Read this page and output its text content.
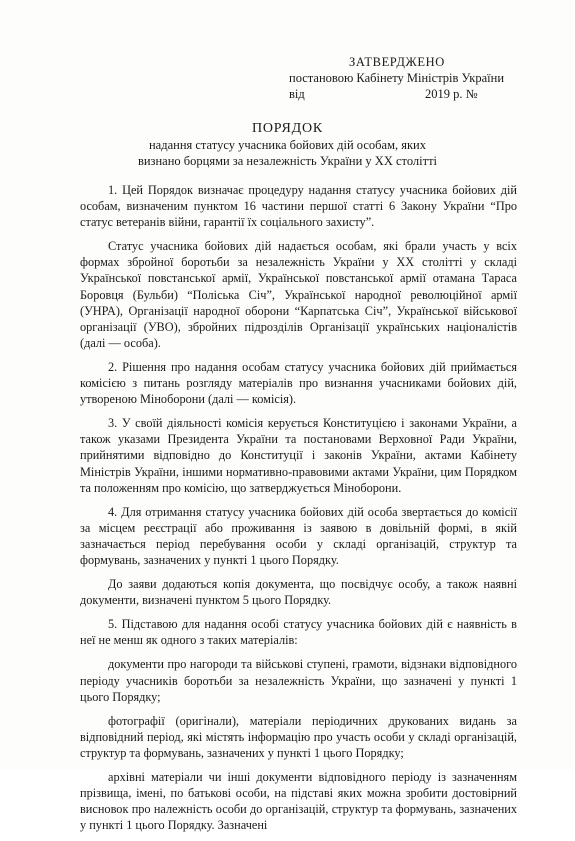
ЗАТВЕРДЖЕНО
постановою Кабінету Міністрів України
від	2019 р. №
ПОРЯДОК
надання статусу учасника бойових дій особам, яких
визнано борцями за незалежність України у ХХ столітті

1. Цей Порядок визначає процедуру надання статусу учасника бойових дій особам, визначеним пунктом 16 частини першої статті 6 Закону України “Про статус ветеранів війни, гарантії їх соціального захисту”.

Статус учасника бойових дій надається особам, які брали участь у всіх формах збройної боротьби за незалежність України у ХХ столітті у складі Української повстанської армії, Української повстанської армії отамана Тараса Боровця (Бульби) “Поліська Січ”, Української народної революційної армії (УНРА), Організації народної оборони “Карпатська Січ”, Української військової організації (УВО), збройних підрозділів Організації українських націоналістів (далі — особа).

2. Рішення про надання особам статусу учасника бойових дій приймається комісією з питань розгляду матеріалів про визнання учасниками бойових дій, утвореною Міноборони (далі — комісія).

3. У своїй діяльності комісія керується Конституцією і законами України, а також указами Президента України та постановами Верховної Ради України, прийнятими відповідно до Конституції і законів України, актами Кабінету Міністрів України, іншими нормативно-правовими актами України, цим Порядком та положенням про комісію, що затверджується Міноборони.

4. Для отримання статусу учасника бойових дій особа звертається до комісії за місцем реєстрації або проживання із заявою в довільній формі, в якій зазначається період перебування особи у складі організацій, структур та формувань, зазначених у пункті 1 цього Порядку.

До заяви додаються копія документа, що посвідчує особу, а також наявні документи, визначені пунктом 5 цього Порядку.

5. Підставою для надання особі статусу учасника бойових дій є наявність в неї не менш як одного з таких матеріалів:

документи про нагороди та військові ступені, грамоти, відзнаки відповідного періоду учасників боротьби за незалежність України, що зазначені у пункті 1 цього Порядку;

фотографії (оригінали), матеріали періодичних друкованих видань за відповідний період, які містять інформацію про участь особи у складі організацій, структур та формувань, зазначених у пункті 1 цього Порядку;

архівні матеріали чи інші документи відповідного періоду із зазначенням прізвища, імені, по батькові особи, на підставі яких можна зробити достовірний висновок про належність особи до організацій, структур та формувань, зазначених у пункті 1 цього Порядку. Зазначені
